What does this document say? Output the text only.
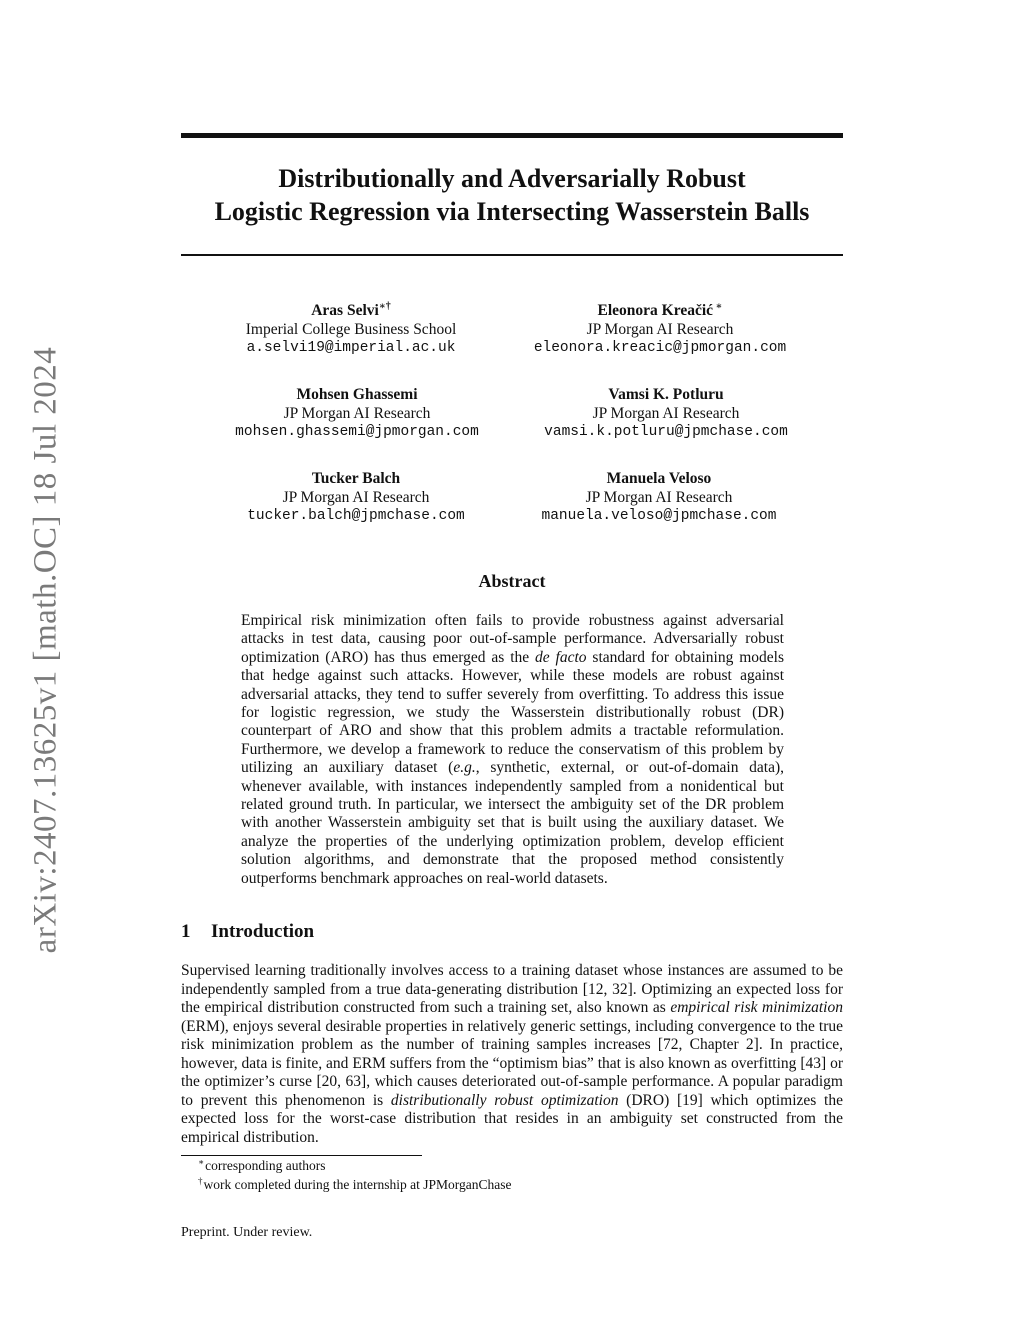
arXiv:2407.13625v1 [math.OC] 18 Jul 2024
Distributionally and Adversarially Robust
Logistic Regression via Intersecting Wasserstein Balls
Aras Selvi∗†
Imperial College Business School
a.selvi19@imperial.ac.uk
Eleonora Kreačić ∗
JP Morgan AI Research
eleonora.kreacic@jpmorgan.com
Mohsen Ghassemi
JP Morgan AI Research
mohsen.ghassemi@jpmorgan.com
Vamsi K. Potluru
JP Morgan AI Research
vamsi.k.potluru@jpmchase.com
Tucker Balch
JP Morgan AI Research
tucker.balch@jpmchase.com
Manuela Veloso
JP Morgan AI Research
manuela.veloso@jpmchase.com
Abstract
Empirical risk minimization often fails to provide robustness against adversarial attacks in test data, causing poor out-of-sample performance. Adversarially robust optimization (ARO) has thus emerged as the de facto standard for obtaining models that hedge against such attacks. However, while these models are robust against adversarial attacks, they tend to suffer severely from overfitting. To address this issue for logistic regression, we study the Wasserstein distributionally robust (DR) counterpart of ARO and show that this problem admits a tractable reformulation. Furthermore, we develop a framework to reduce the conservatism of this problem by utilizing an auxiliary dataset (e.g., synthetic, external, or out-of-domain data), whenever available, with instances independently sampled from a nonidentical but related ground truth. In particular, we intersect the ambiguity set of the DR problem with another Wasserstein ambiguity set that is built using the auxiliary dataset. We analyze the properties of the underlying optimization problem, develop efficient solution algorithms, and demonstrate that the proposed method consistently outperforms benchmark approaches on real-world datasets.
1 Introduction
Supervised learning traditionally involves access to a training dataset whose instances are assumed to be independently sampled from a true data-generating distribution [12, 32]. Optimizing an expected loss for the empirical distribution constructed from such a training set, also known as empirical risk minimization (ERM), enjoys several desirable properties in relatively generic settings, including convergence to the true risk minimization problem as the number of training samples increases [72, Chapter 2]. In practice, however, data is finite, and ERM suffers from the “optimism bias” that is also known as overfitting [43] or the optimizer’s curse [20, 63], which causes deteriorated out-of-sample performance. A popular paradigm to prevent this phenomenon is distributionally robust optimization (DRO) [19] which optimizes the expected loss for the worst-case distribution that resides in an ambiguity set constructed from the empirical distribution.
∗corresponding authors
†work completed during the internship at JPMorganChase
Preprint. Under review.
